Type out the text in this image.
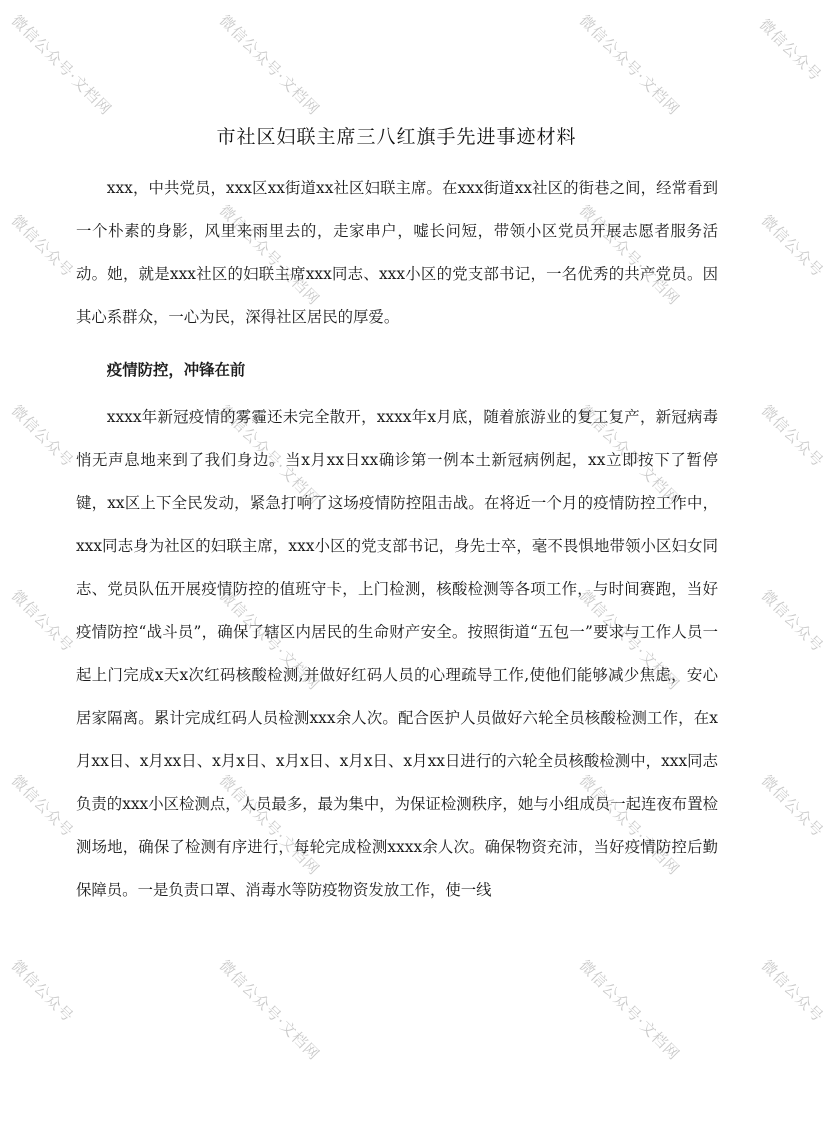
微信公众号·文档网	微信公众号·文档网	微信公众号·文档网	微信公众号
微信公众号	微信公众号·文档网	微信公众号·文档网	微信公众号
微信公众号	微信公众号·文档网	微信公众号·文档网	微信公众号
微信公众号	微信公众号·文档网	微信公众号·文档网	微信公众号
微信公众号	微信公众号·文档网	微信公众号·文档网	微信公众号
微信公众号	微信公众号·文档网	微信公众号·文档网	微信公众号
市社区妇联主席三八红旗手先进事迹材料

xxx，中共党员，xxx区xx街道xx社区妇联主席。在xxx街道xx社区的街巷之间，经常看到一个朴素的身影，风里来雨里去的，走家串户，嘘长问短，带领小区党员开展志愿者服务活动。她，就是xxx社区的妇联主席xxx同志、xxx小区的党支部书记，一名优秀的共产党员。因其心系群众，一心为民，深得社区居民的厚爱。

疫情防控，冲锋在前

xxxx年新冠疫情的雾霾还未完全散开，xxxx年x月底，随着旅游业的复工复产，新冠病毒悄无声息地来到了我们身边。当x月xx日xx确诊第一例本土新冠病例起，xx立即按下了暂停键，xx区上下全民发动，紧急打响了这场疫情防控阻击战。在将近一个月的疫情防控工作中，xxx同志身为社区的妇联主席，xxx小区的党支部书记，身先士卒，毫不畏惧地带领小区妇女同志、党员队伍开展疫情防控的值班守卡，上门检测，核酸检测等各项工作，与时间赛跑，当好疫情防控“战斗员”，确保了辖区内居民的生命财产安全。按照街道“五包一”要求与工作人员一起上门完成x天x次红码核酸检测,并做好红码人员的心理疏导工作,使他们能够减少焦虑，安心居家隔离。累计完成红码人员检测xxx余人次。配合医护人员做好六轮全员核酸检测工作，在x月xx日、x月xx日、x月x日、x月x日、x月x日、x月xx日进行的六轮全员核酸检测中，xxx同志负责的xxx小区检测点，人员最多，最为集中，为保证检测秩序，她与小组成员一起连夜布置检测场地，确保了检测有序进行，每轮完成检测xxxx余人次。确保物资充沛，当好疫情防控后勤保障员。一是负责口罩、消毒水等防疫物资发放工作，使一线
